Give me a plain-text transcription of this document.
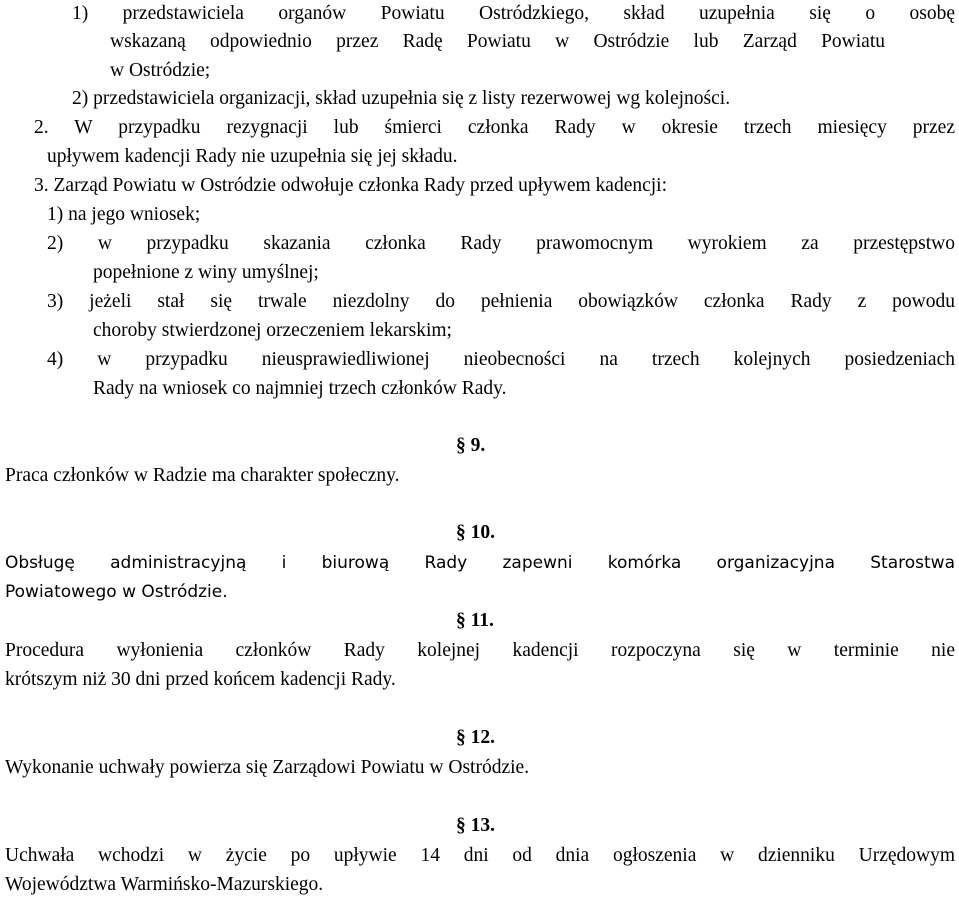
1) przedstawiciela organów Powiatu Ostródzkiego, skład uzupełnia się o osobę
wskazaną odpowiednio przez Radę Powiatu w Ostródzie lub Zarząd Powiatu
w Ostródzie;
2) przedstawiciela organizacji, skład uzupełnia się z listy rezerwowej wg kolejności.
2. W przypadku rezygnacji lub śmierci członka Rady w okresie trzech miesięcy przez
upływem kadencji Rady nie uzupełnia się jej składu.
3. Zarząd Powiatu w Ostródzie odwołuje członka Rady przed upływem kadencji:
1) na jego wniosek;
2) w przypadku skazania członka Rady prawomocnym wyrokiem za przestępstwo
popełnione z winy umyślnej;
3) jeżeli stał się trwale niezdolny do pełnienia obowiązków członka Rady z powodu
choroby stwierdzonej orzeczeniem lekarskim;
4) w przypadku nieusprawiedliwionej nieobecności na trzech kolejnych posiedzeniach
Rady na wniosek co najmniej trzech członków Rady.
§ 9.
Praca członków w Radzie ma charakter społeczny.
§ 10.
Obsługę administracyjną i biurową Rady zapewni komórka organizacyjna Starostwa
Powiatowego w Ostródzie.
§ 11.
Procedura wyłonienia członków Rady kolejnej kadencji rozpoczyna się w terminie nie
krótszym niż 30 dni przed końcem kadencji Rady.
§ 12.
Wykonanie uchwały powierza się Zarządowi Powiatu w Ostródzie.
§ 13.
Uchwała wchodzi w życie po upływie 14 dni od dnia ogłoszenia w dzienniku Urzędowym
Województwa Warmińsko-Mazurskiego.
